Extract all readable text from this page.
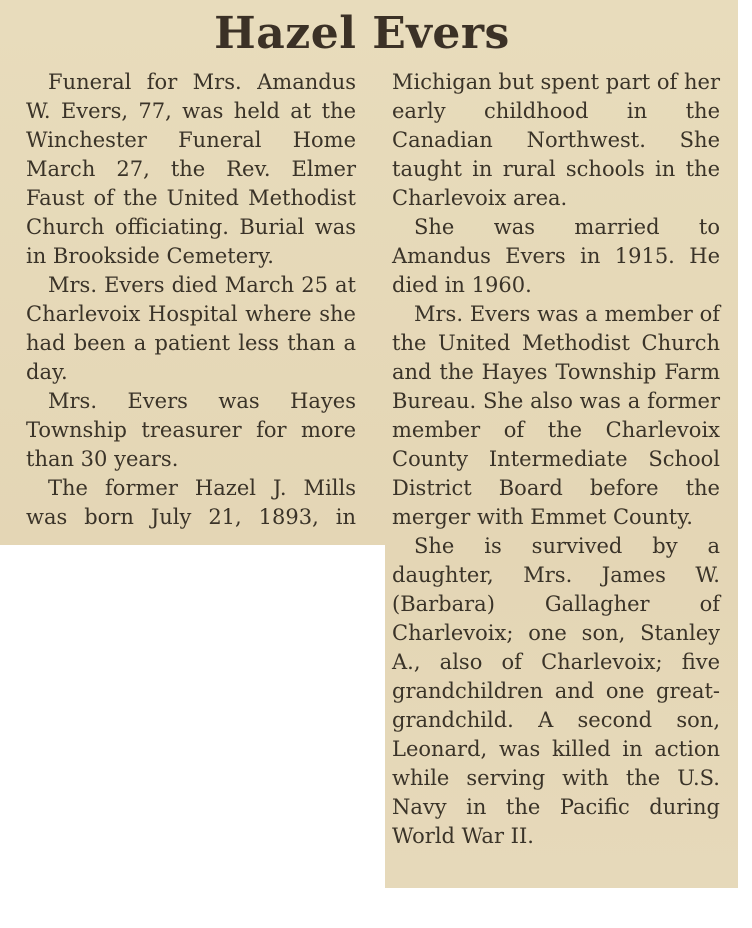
Hazel Evers

Funeral for Mrs. Amandus W. Evers, 77, was held at the Winchester Funeral Home March 27, the Rev. Elmer Faust of the United Methodist Church officiating. Burial was in Brookside Cemetery.

Mrs. Evers died March 25 at Charlevoix Hospital where she had been a patient less than a day.

Mrs. Evers was Hayes Township treasurer for more than 30 years.

The former Hazel J. Mills was born July 21, 1893, in

Michigan but spent part of her early childhood in the Canadian Northwest. She taught in rural schools in the Charlevoix area.

She was married to Amandus Evers in 1915. He died in 1960.

Mrs. Evers was a member of the United Methodist Church and the Hayes Township Farm Bureau. She also was a former member of the Charlevoix County Intermediate School District Board before the merger with Emmet County.

She is survived by a daughter, Mrs. James W. (Barbara) Gallagher of Charlevoix; one son, Stanley A., also of Charlevoix; five grandchildren and one great-grandchild. A second son, Leonard, was killed in action while serving with the U.S. Navy in the Pacific during World War II.
